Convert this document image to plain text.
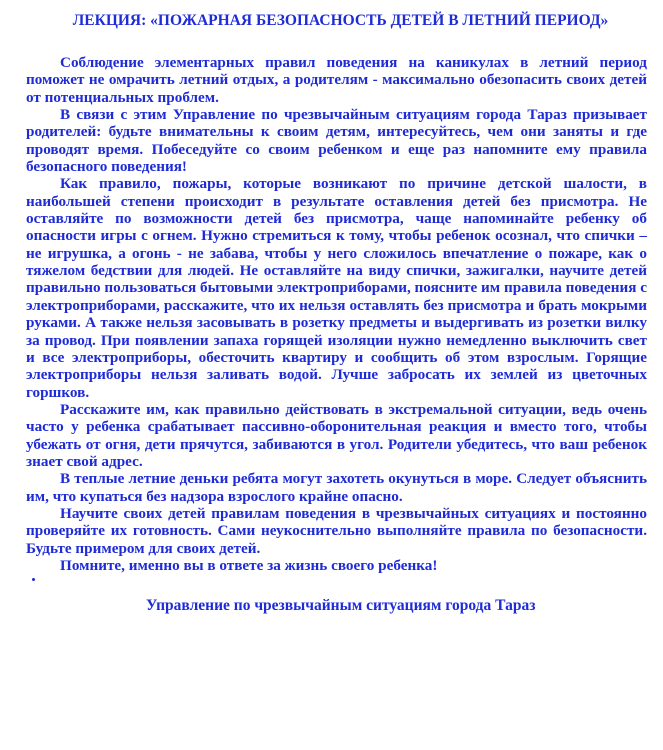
ЛЕКЦИЯ: «ПОЖАРНАЯ БЕЗОПАСНОСТЬ ДЕТЕЙ В ЛЕТНИЙ ПЕРИОД»

Соблюдение элементарных правил поведения на каникулах в летний период поможет не омрачить летний отдых, а родителям - максимально обезопасить своих детей от потенциальных проблем.

В связи с этим Управление по чрезвычайным ситуациям города Тараз призывает родителей: будьте внимательны к своим детям, интересуйтесь, чем они заняты и где проводят время. Побеседуйте со своим ребенком и еще раз напомните ему правила безопасного поведения!

Как правило, пожары, которые возникают по причине детской шалости, в наибольшей степени происходит в результате оставления детей без присмотра. Не оставляйте по возможности детей без присмотра, чаще напоминайте ребенку об опасности игры с огнем. Нужно стремиться к тому, чтобы ребенок осознал, что спички – не игрушка, а огонь - не забава, чтобы у него сложилось впечатление о пожаре, как о тяжелом бедствии для людей. Не оставляйте на виду спички, зажигалки, научите детей правильно пользоваться бытовыми электроприборами, поясните им правила поведения с электроприборами, расскажите, что их нельзя оставлять без присмотра и брать мокрыми руками. А также нельзя засовывать в розетку предметы и выдергивать из розетки вилку за провод. При появлении запаха горящей изоляции нужно немедленно выключить свет и все электроприборы, обесточить квартиру и сообщить об этом взрослым. Горящие электроприборы нельзя заливать водой. Лучше забросать их землей из цветочных горшков.

Расскажите им, как правильно действовать в экстремальной ситуации, ведь очень часто у ребенка срабатывает пассивно-оборонительная реакция и вместо того, чтобы убежать от огня, дети прячутся, забиваются в угол. Родители убедитесь, что ваш ребенок знает свой адрес.

В теплые летние деньки ребята могут захотеть окунуться в море. Следует объяснить им, что купаться без надзора взрослого крайне опасно.

Научите своих детей правилам поведения в чрезвычайных ситуациях и постоянно проверяйте их готовность. Сами неукоснительно выполняйте правила по безопасности. Будьте примером для своих детей.

Помните, именно вы в ответе за жизнь своего ребенка!

Управление по чрезвычайным ситуациям города Тараз
